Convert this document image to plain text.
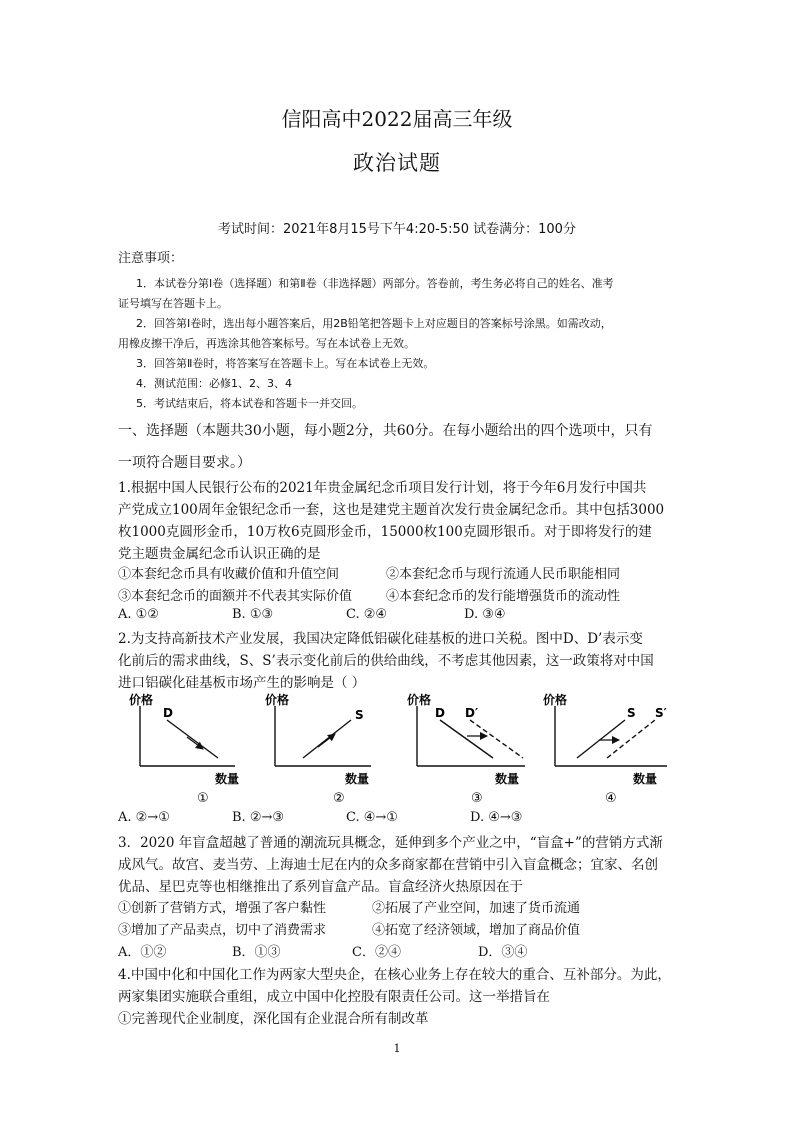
信阳高中2022届高三年级
政治试题
考试时间：2021年8月15号下午4:20-5:50 试卷满分：100分
注意事项：
1．本试卷分第Ⅰ卷（选择题）和第Ⅱ卷（非选择题）两部分。答卷前，考生务必将自己的姓名、准考
证号填写在答题卡上。
2．回答第Ⅰ卷时，选出每小题答案后，用2B铅笔把答题卡上对应题目的答案标号涂黑。如需改动，
用橡皮擦干净后，再选涂其他答案标号。写在本试卷上无效。
3．回答第Ⅱ卷时，将答案写在答题卡上。写在本试卷上无效。
4．测试范围：必修1、2、3、4
5．考试结束后，将本试卷和答题卡一并交回。
一、选择题（本题共30小题，每小题2分，共60分。在每小题给出的四个选项中，只有
一项符合题目要求。）
1.根据中国人民银行公布的2021年贵金属纪念币项目发行计划，将于今年6月发行中国共
产党成立100周年金银纪念币一套，这也是建党主题首次发行贵金属纪念币。其中包括3000
枚1000克圆形金币，10万枚6克圆形金币，15000枚100克圆形银币。对于即将发行的建
党主题贵金属纪念币认识正确的是
①本套纪念币具有收藏价值和升值空间	②本套纪念币与现行流通人民币职能相同
③本套纪念币的面额并不代表其实际价值	④本套纪念币的发行能增强货币的流动性
A. ①②	B. ①③	C. ②④	D. ③④
2.为支持高新技术产业发展，我国决定降低铝碳化硅基板的进口关税。图中D、D’表示变
化前后的需求曲线，S、S’表示变化前后的供给曲线，不考虑其他因素，这一政策将对中国
进口铝碳化硅基板市场产生的影响是（ ）
价格
数量
D
①
价格
数量
S
②
价格
数量
D D′
③
价格
数量
S S′
④
A. ②→①	B. ②→③	C. ④→①	D. ④→③
3．2020 年盲盒超越了普通的潮流玩具概念，延伸到多个产业之中，“盲盒+”的营销方式渐
成风气。故宫、麦当劳、上海迪士尼在内的众多商家都在营销中引入盲盒概念；宜家、名创
优品、星巴克等也相继推出了系列盲盒产品。盲盒经济火热原因在于
①创新了营销方式，增强了客户黏性	②拓展了产业空间，加速了货币流通
③增加了产品卖点，切中了消费需求	④拓宽了经济领域，增加了商品价值
A．①②	B．①③	C．②④	D．③④
4.中国中化和中国化工作为两家大型央企，在核心业务上存在较大的重合、互补部分。为此，
两家集团实施联合重组，成立中国中化控股有限责任公司。这一举措旨在
①完善现代企业制度，深化国有企业混合所有制改革
1
